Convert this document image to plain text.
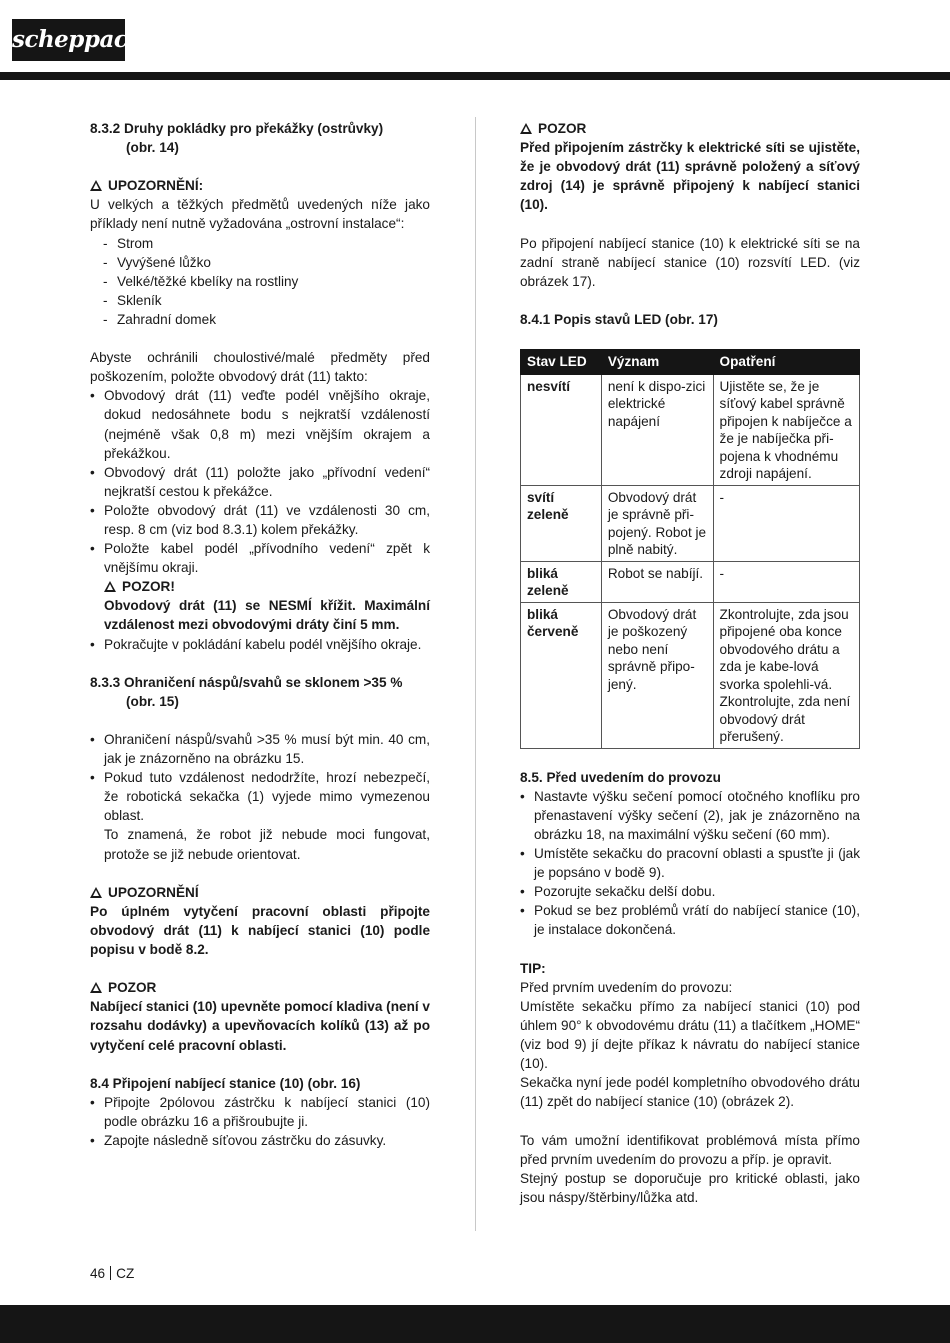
scheppach

8.3.2 Druhy pokládky pro překážky (ostrůvky)

(obr. 14)

UPOZORNĚNÍ:

U velkých a těžkých předmětů uvedených níže jako příklady není nutně vyžadována „ostrovní instalace“:

- Strom
- Vyvýšené lůžko
- Velké/těžké kbelíky na rostliny
- Skleník
- Zahradní domek

Abyste ochránili choulostivé/malé předměty před poškozením, položte obvodový drát (11) takto:

• Obvodový drát (11) veďte podél vnějšího okraje, dokud nedosáhnete bodu s nejkratší vzdáleností (nejméně však 0,8 m) mezi vnějším okrajem a překážkou.
• Obvodový drát (11) položte jako „přívodní vedení“ nejkratší cestou k překážce.
• Položte obvodový drát (11) ve vzdálenosti 30 cm, resp. 8 cm (viz bod 8.3.1) kolem překážky.
• Položte kabel podél „přívodního vedení“ zpět k vnějšímu okraji.

POZOR!

Obvodový drát (11) se NESMÍ křížit. Maximální vzdálenost mezi obvodovými dráty činí 5 mm.

• Pokračujte v pokládání kabelu podél vnějšího okraje.

8.3.3 Ohraničení náspů/svahů se sklonem >35 %

(obr. 15)

• Ohraničení náspů/svahů >35 % musí být min. 40 cm, jak je znázorněno na obrázku 15.
• Pokud tuto vzdálenost nedodržíte, hrozí nebezpečí, že robotická sekačka (1) vyjede mimo vymezenou oblast.

To znamená, že robot již nebude moci fungovat, protože se již nebude orientovat.

UPOZORNĚNÍ

Po úplném vytyčení pracovní oblasti připojte obvodový drát (11) k nabíjecí stanici (10) podle popisu v bodě 8.2.

POZOR

Nabíjecí stanici (10) upevněte pomocí kladiva (není v rozsahu dodávky) a upevňovacích kolíků (13) až po vytyčení celé pracovní oblasti.

8.4 Připojení nabíjecí stanice (10) (obr. 16)

• Připojte 2pólovou zástrčku k nabíjecí stanici (10) podle obrázku 16 a přišroubujte ji.
• Zapojte následně síťovou zástrčku do zásuvky.

POZOR

Před připojením zástrčky k elektrické síti se ujistěte, že je obvodový drát (11) správně položený a síťový zdroj (14) je správně připojený k nabíjecí stanici (10).

Po připojení nabíjecí stanice (10) k elektrické síti se na zadní straně nabíjecí stanice (10) rozsvítí LED. (viz obrázek 17).

8.4.1 Popis stavů LED (obr. 17)

Stav LED	Význam	Opatření
nesvítí	není k dispo-zici elektrické napájení	Ujistěte se, že je síťový kabel správně připojen k nabíječce a že je nabíječka při-pojena k vhodnému zdroji napájení.
svítí zeleně	Obvodový drát je správně při-pojený. Robot je plně nabitý.	-
bliká zeleně	Robot se nabíjí.	-
bliká červeně	Obvodový drát je poškozený nebo není správně připo-jený.	Zkontrolujte, zda jsou připojené oba konce obvodového drátu a zda je kabe-lová svorka spolehli-vá. Zkontrolujte, zda není obvodový drát přerušený.

8.5. Před uvedením do provozu

• Nastavte výšku sečení pomocí otočného knoflíku pro přenastavení výšky sečení (2), jak je znázorněno na obrázku 18, na maximální výšku sečení (60 mm).
• Umístěte sekačku do pracovní oblasti a spusťte ji (jak je popsáno v bodě 9).
• Pozorujte sekačku delší dobu.
• Pokud se bez problémů vrátí do nabíjecí stanice (10), je instalace dokončená.

TIP:

Před prvním uvedením do provozu:

Umístěte sekačku přímo za nabíjecí stanici (10) pod úhlem 90° k obvodovému drátu (11) a tlačítkem „HOME“ (viz bod 9) jí dejte příkaz k návratu do nabíjecí stanice (10).

Sekačka nyní jede podél kompletního obvodového drátu (11) zpět do nabíjecí stanice (10) (obrázek 2).

To vám umožní identifikovat problémová místa přímo před prvním uvedením do provozu a příp. je opravit.

Stejný postup se doporučuje pro kritické oblasti, jako jsou náspy/štěrbiny/lůžka atd.

46 CZ
